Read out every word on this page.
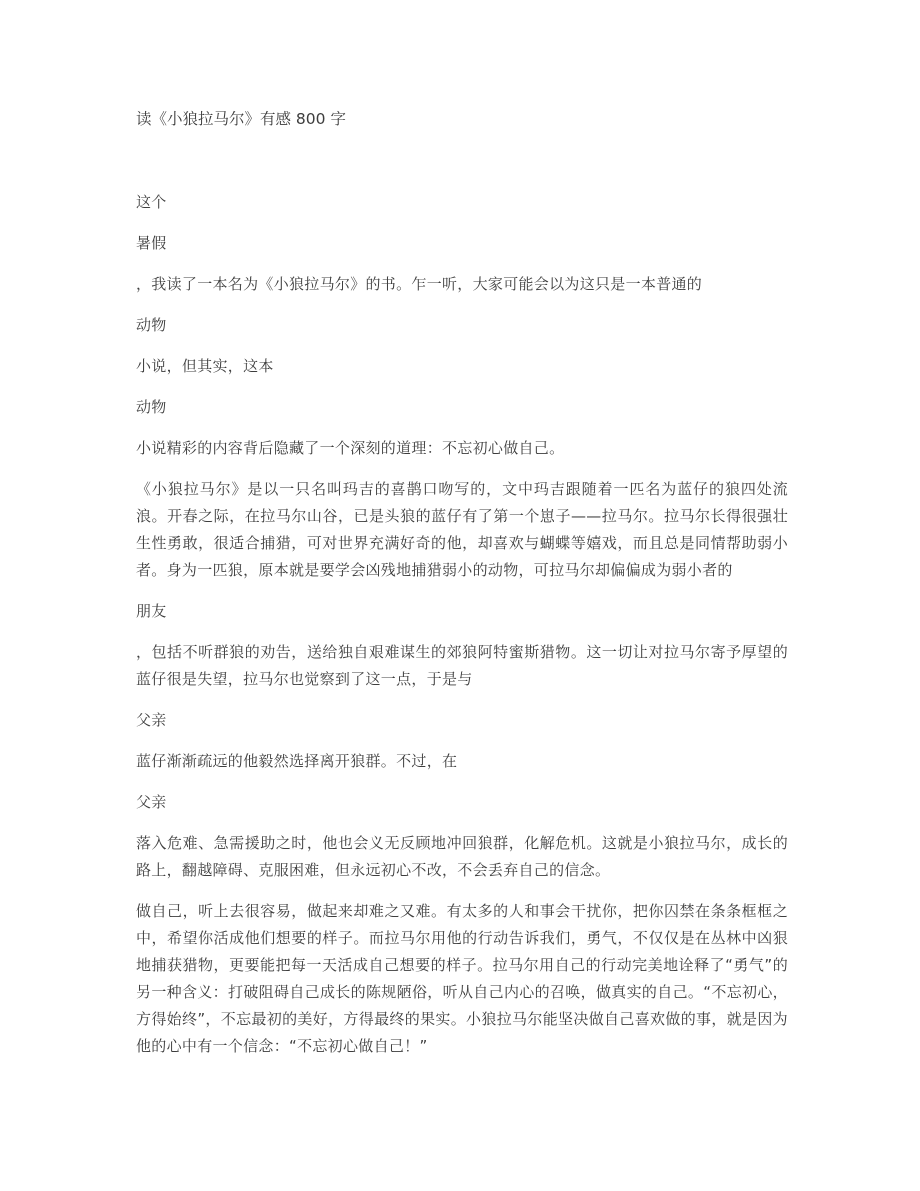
读《小狼拉马尔》有感 800 字

这个

暑假

，我读了一本名为《小狼拉马尔》的书。乍一听，大家可能会以为这只是一本普通的

动物

小说，但其实，这本

动物

小说精彩的内容背后隐藏了一个深刻的道理：不忘初心做自己。

《小狼拉马尔》是以一只名叫玛吉的喜鹊口吻写的，文中玛吉跟随着一匹名为蓝仔的狼四处流浪。开春之际，在拉马尔山谷，已是头狼的蓝仔有了第一个崽子——拉马尔。拉马尔长得很强壮生性勇敢，很适合捕猎，可对世界充满好奇的他，却喜欢与蝴蝶等嬉戏，而且总是同情帮助弱小者。身为一匹狼，原本就是要学会凶残地捕猎弱小的动物，可拉马尔却偏偏成为弱小者的

朋友

，包括不听群狼的劝告，送给独自艰难谋生的郊狼阿特蜜斯猎物。这一切让对拉马尔寄予厚望的蓝仔很是失望，拉马尔也觉察到了这一点，于是与

父亲

蓝仔渐渐疏远的他毅然选择离开狼群。不过，在

父亲

落入危难、急需援助之时，他也会义无反顾地冲回狼群，化解危机。这就是小狼拉马尔，成长的路上，翻越障碍、克服困难，但永远初心不改，不会丢弃自己的信念。

做自己，听上去很容易，做起来却难之又难。有太多的人和事会干扰你，把你囚禁在条条框框之中，希望你活成他们想要的样子。而拉马尔用他的行动告诉我们，勇气，不仅仅是在丛林中凶狠地捕获猎物，更要能把每一天活成自己想要的样子。拉马尔用自己的行动完美地诠释了“勇气”的另一种含义：打破阻碍自己成长的陈规陋俗，听从自己内心的召唤，做真实的自己。“不忘初心，方得始终”，不忘最初的美好，方得最终的果实。小狼拉马尔能坚决做自己喜欢做的事，就是因为他的心中有一个信念：“不忘初心做自己！”
